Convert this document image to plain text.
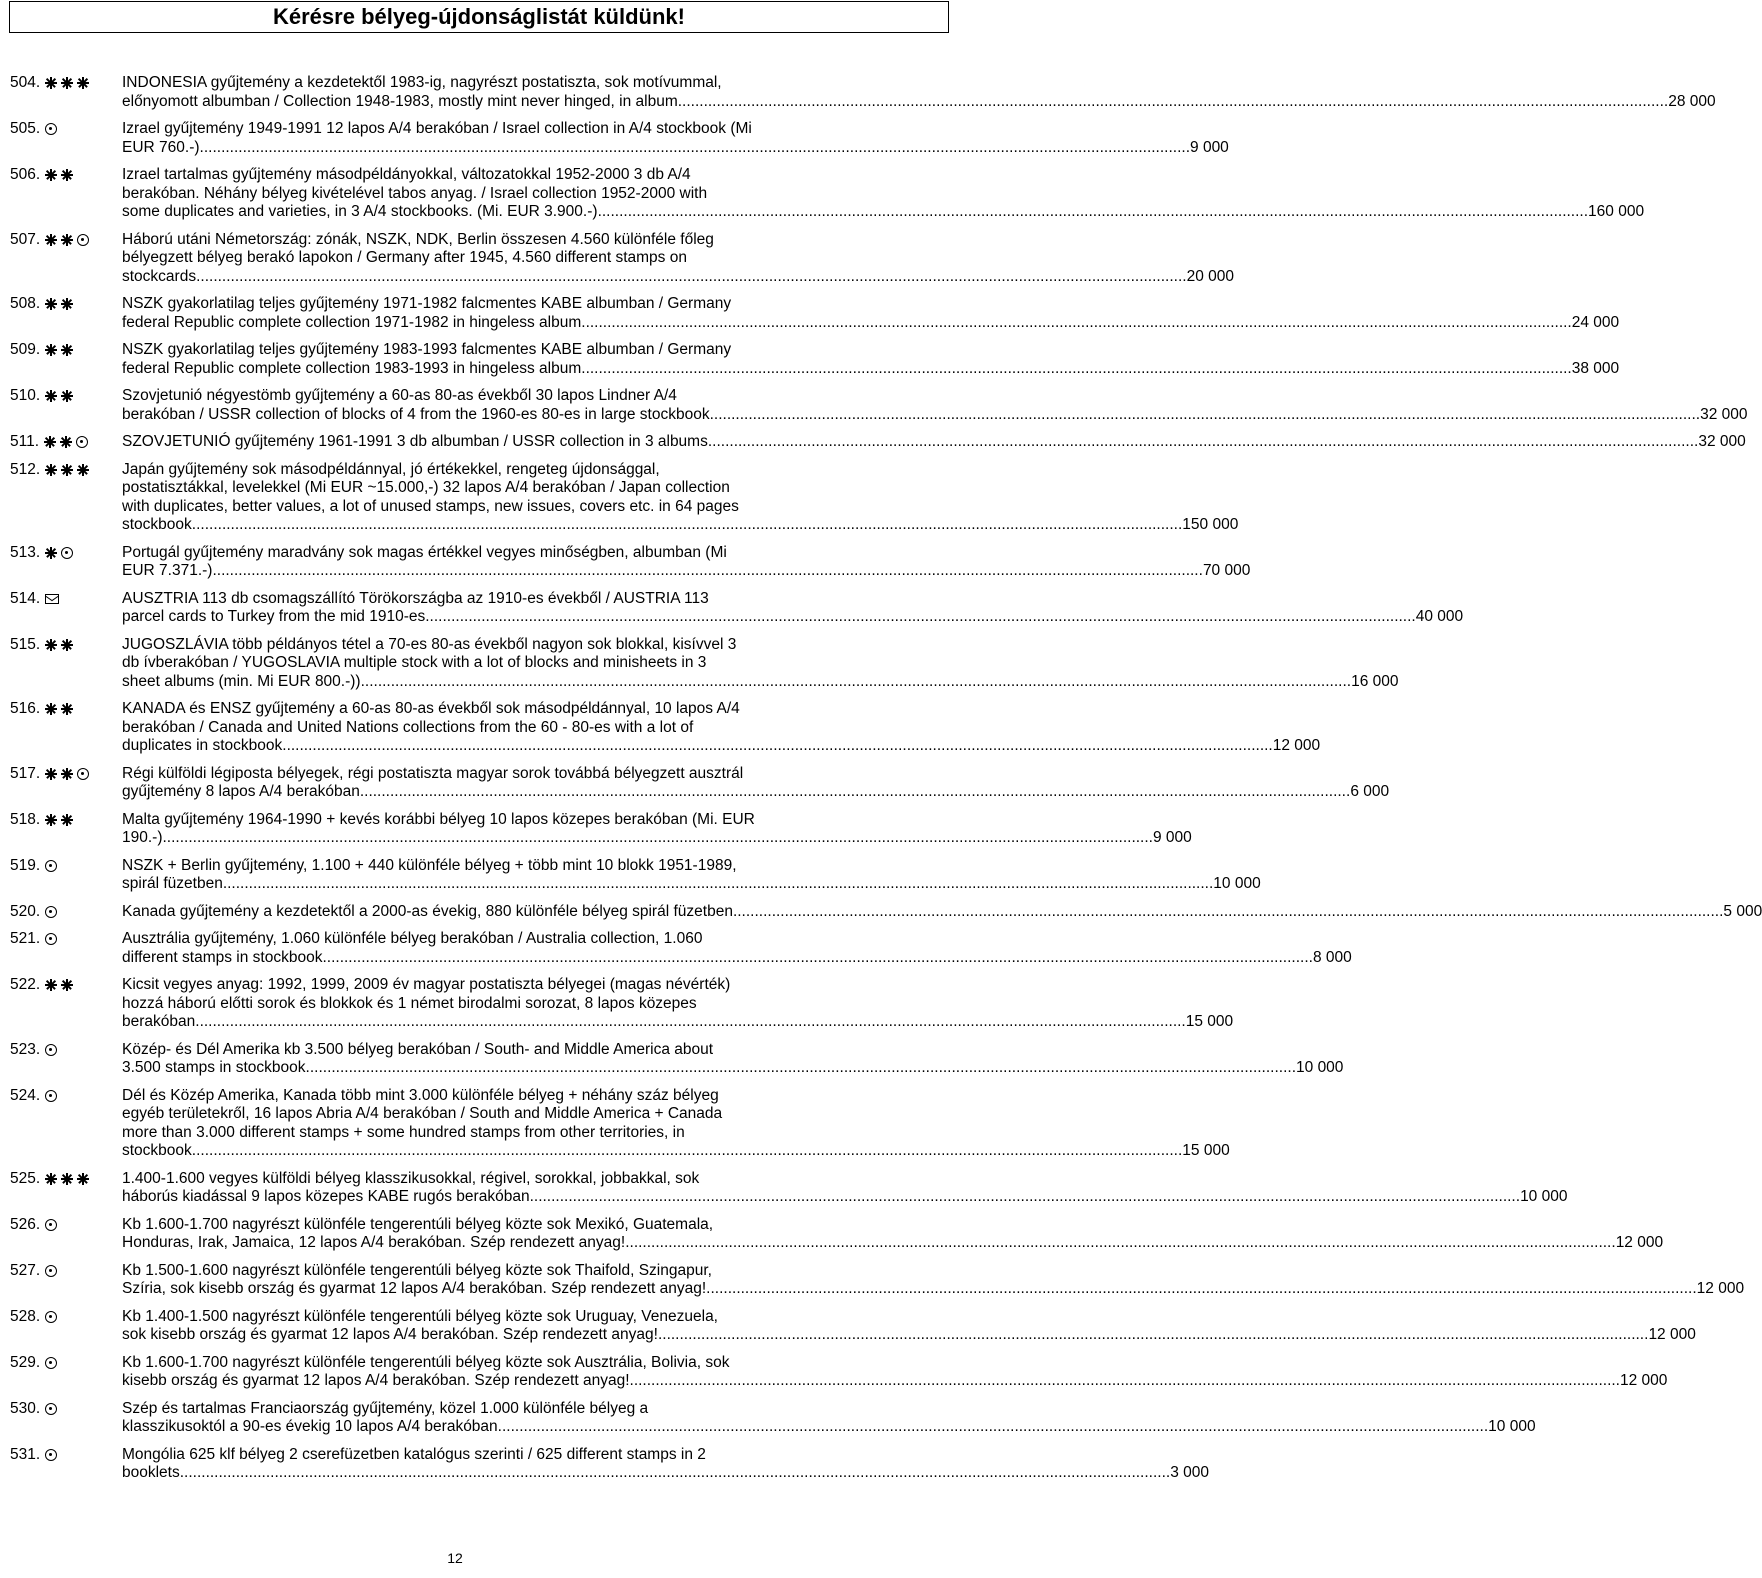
Kérésre bélyeg-újdonságlistát küldünk!
504.	INDONESIA gyűjtemény a kezdetektől 1983-ig, nagyrészt postatiszta, sok motívummal,
előnyomott albumban / Collection 1948-1983, mostly mint never hinged, in album .....	28 000
505.	Izrael gyűjtemény 1949-1991 12 lapos A/4 berakóban / Israel collection in A/4 stockbook (Mi
EUR 760.-) .....	9 000
506.	Izrael tartalmas gyűjtemény másodpéldányokkal, változatokkal 1952-2000 3 db A/4
berakóban. Néhány bélyeg kivételével tabos anyag. / Israel collection 1952-2000 with
some duplicates and varieties, in 3 A/4 stockbooks. (Mi. EUR 3.900.-) .....	160 000
507.	Háború utáni Németország: zónák, NSZK, NDK, Berlin összesen 4.560 különféle főleg
bélyegzett bélyeg berakó lapokon / Germany after 1945, 4.560 different stamps on
stockcards .....	20 000
508.	NSZK gyakorlatilag teljes gyűjtemény 1971-1982 falcmentes KABE albumban / Germany
federal Republic complete collection 1971-1982 in hingeless album .....	24 000
509.	NSZK gyakorlatilag teljes gyűjtemény 1983-1993 falcmentes KABE albumban / Germany
federal Republic complete collection 1983-1993 in hingeless album .....	38 000
510.	Szovjetunió négyestömb gyűjtemény a 60-as 80-as évekből 30 lapos Lindner A/4
berakóban / USSR collection of blocks of 4 from the 1960-es 80-es in large stockbook .....	32 000
511.	SZOVJETUNIÓ gyűjtemény 1961-1991 3 db albumban / USSR collection in 3 albums .....	32 000
512.	Japán gyűjtemény sok másodpéldánnyal, jó értékekkel, rengeteg újdonsággal,
postatisztákkal, levelekkel (Mi EUR ~15.000,-) 32 lapos A/4 berakóban / Japan collection
with duplicates, better values, a lot of unused stamps, new issues, covers etc. in 64 pages
stockbook .....	150 000
513.	Portugál gyűjtemény maradvány sok magas értékkel vegyes minőségben, albumban (Mi
EUR 7.371.-) .....	70 000
514.	AUSZTRIA 113 db csomagszállító Törökországba az 1910-es évekből / AUSTRIA 113
parcel cards to Turkey from the mid 1910-es .....	40 000
515.	JUGOSZLÁVIA több példányos tétel a 70-es 80-as évekből nagyon sok blokkal, kisívvel 3
db ívberakóban / YUGOSLAVIA multiple stock with a lot of blocks and minisheets in 3
sheet albums (min. Mi EUR 800.-)) .....	16 000
516.	KANADA és ENSZ gyűjtemény a 60-as 80-as évekből sok másodpéldánnyal, 10 lapos A/4
berakóban / Canada and United Nations collections from the 60 - 80-es with a lot of
duplicates in stockbook .....	12 000
517.	Régi külföldi légiposta bélyegek, régi postatiszta magyar sorok továbbá bélyegzett ausztrál
gyűjtemény 8 lapos A/4 berakóban .....	6 000
518.	Malta gyűjtemény 1964-1990 + kevés korábbi bélyeg 10 lapos közepes berakóban (Mi. EUR
190.-) .....	9 000
519.	NSZK + Berlin gyűjtemény, 1.100 + 440 különféle bélyeg + több mint 10 blokk 1951-1989,
spirál füzetben .....	10 000
520.	Kanada gyűjtemény a kezdetektől a 2000-as évekig, 880 különféle bélyeg spirál füzetben .....	5 000
521.	Ausztrália gyűjtemény, 1.060 különféle bélyeg berakóban / Australia collection, 1.060
different stamps in stockbook .....	8 000
522.	Kicsit vegyes anyag: 1992, 1999, 2009 év magyar postatiszta bélyegei (magas névérték)
hozzá háború előtti sorok és blokkok és 1 német birodalmi sorozat, 8 lapos közepes
berakóban .....	15 000
523.	Közép- és Dél Amerika kb 3.500 bélyeg berakóban / South- and Middle America about
3.500 stamps in stockbook .....	10 000
524.	Dél és Közép Amerika, Kanada több mint 3.000 különféle bélyeg + néhány száz bélyeg
egyéb területekről, 16 lapos Abria A/4 berakóban / South and Middle America + Canada
more than 3.000 different stamps + some hundred stamps from other territories, in
stockbook .....	15 000
525.	1.400-1.600 vegyes külföldi bélyeg klasszikusokkal, régivel, sorokkal, jobbakkal, sok
háborús kiadással 9 lapos közepes KABE rugós berakóban .....	10 000
526.	Kb 1.600-1.700 nagyrészt különféle tengerentúli bélyeg közte sok Mexikó, Guatemala,
Honduras, Irak, Jamaica, 12 lapos A/4 berakóban. Szép rendezett anyag! .....	12 000
527.	Kb 1.500-1.600 nagyrészt különféle tengerentúli bélyeg közte sok Thaifold, Szingapur,
Szíria, sok kisebb ország és gyarmat 12 lapos A/4 berakóban. Szép rendezett anyag! .....	12 000
528.	Kb 1.400-1.500 nagyrészt különféle tengerentúli bélyeg közte sok Uruguay, Venezuela,
sok kisebb ország és gyarmat 12 lapos A/4 berakóban. Szép rendezett anyag! .....	12 000
529.	Kb 1.600-1.700 nagyrészt különféle tengerentúli bélyeg közte sok Ausztrália, Bolivia, sok
kisebb ország és gyarmat 12 lapos A/4 berakóban. Szép rendezett anyag! .....	12 000
530.	Szép és tartalmas Franciaország gyűjtemény, közel 1.000 különféle bélyeg a
klasszikusoktól a 90-es évekig 10 lapos A/4 berakóban .....	10 000
531.	Mongólia 625 klf bélyeg 2 cserefüzetben katalógus szerinti / 625 different stamps in 2
booklets .....	3 000
12
